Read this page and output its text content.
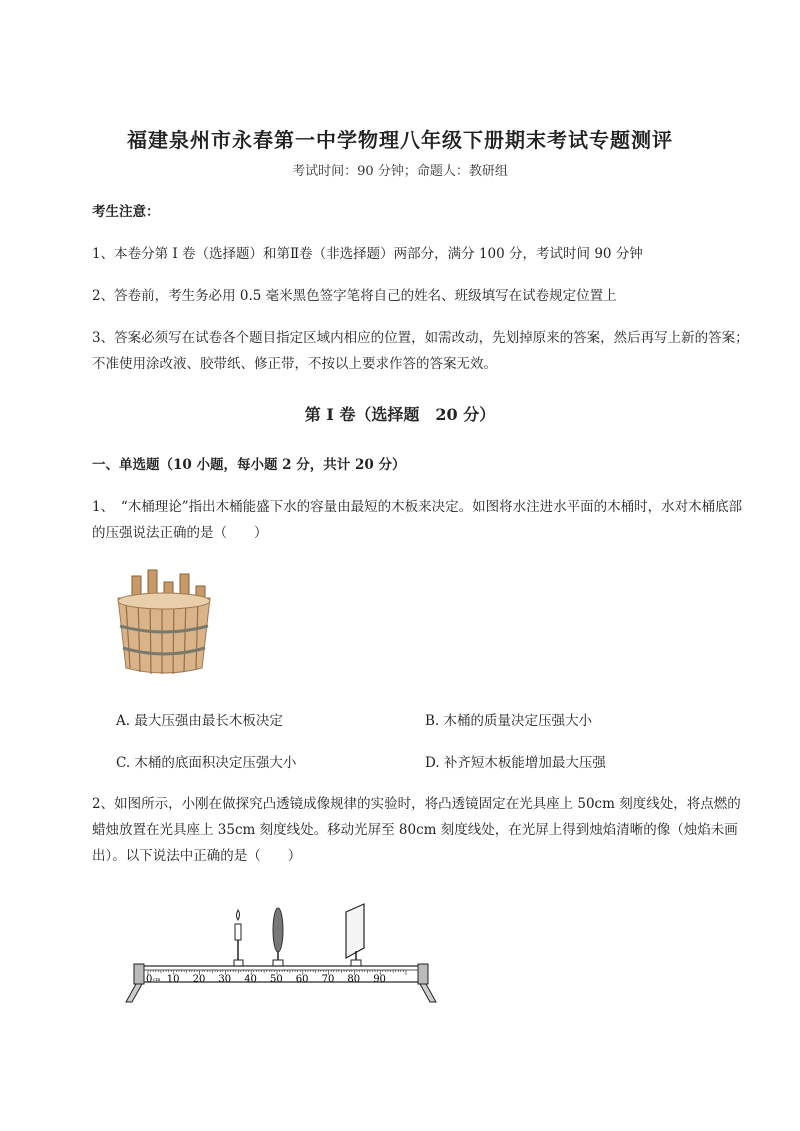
福建泉州市永春第一中学物理八年级下册期末考试专题测评
考试时间：90 分钟；命题人：教研组
考生注意：
1、本卷分第 I 卷（选择题）和第Ⅱ卷（非选择题）两部分，满分 100 分，考试时间 90 分钟
2、答卷前，考生务必用 0.5 毫米黑色签字笔将自己的姓名、班级填写在试卷规定位置上
3、答案必须写在试卷各个题目指定区域内相应的位置，如需改动，先划掉原来的答案，然后再写上新的答案；不准使用涂改液、胶带纸、修正带，不按以上要求作答的答案无效。
第 I 卷（选择题　20 分）
一、单选题（10 小题，每小题 2 分，共计 20 分）
1、　“木桶理论”指出木桶能盛下水的容量由最短的木板来决定。如图将水注进水平面的木桶时，水对木桶底部的压强说法正确的是（　　）
A. 最大压强由最长木板决定	B. 木桶的质量决定压强大小
C. 木桶的底面积决定压强大小	D. 补齐短木板能增加最大压强
2、如图所示，小刚在做探究凸透镜成像规律的实验时，将凸透镜固定在光具座上 50cm 刻度线处，将点燃的蜡烛放置在光具座上 35cm 刻度线处。移动光屏至 80cm 刻度线处，在光屏上得到烛焰清晰的像（烛焰未画出）。以下说法中正确的是（　　）
0 cm 10 20 30 40 50 60 70 80 90
